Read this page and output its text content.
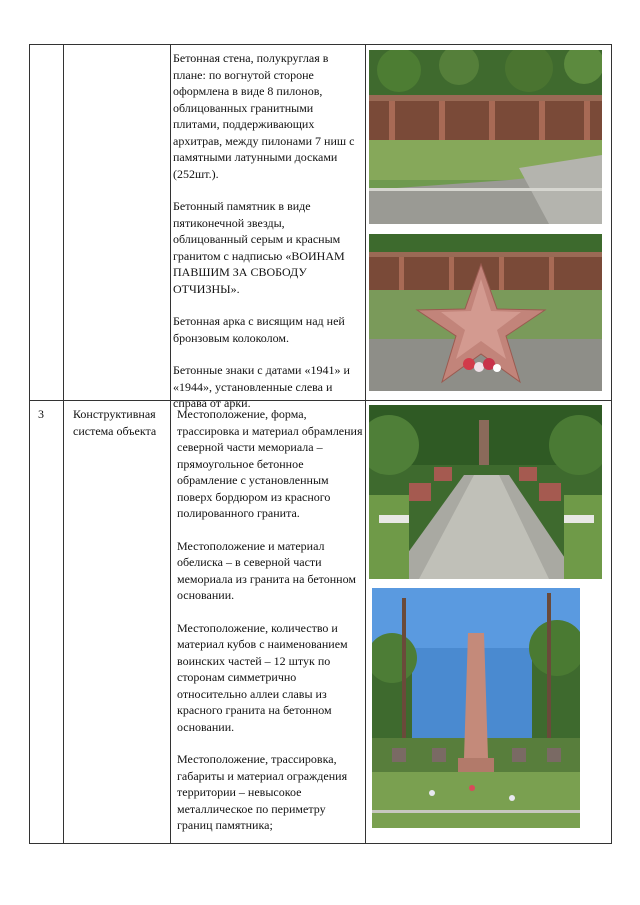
Бетонная стена, полукруглая в плане: по вогнутой стороне оформлена в виде 8 пилонов, облицованных гранитными плитами, поддерживающих архитрав, между пилонами 7 ниш с памятными латунными досками (252шт.).

Бетонный памятник в виде пятиконечной звезды, облицованный серым и красным гранитом с надписью «ВОИНАМ ПАВШИМ ЗА СВОБОДУ ОТЧИЗНЫ».

Бетонная арка с висящим над ней бронзовым колоколом.

Бетонные знаки с датами «1941» и «1944», установленные слева и справа от арки.

3	Конструктивная система объекта

Местоположение, форма, трассировка и материал обрамления северной части мемориала – прямоугольное бетонное обрамление с установленным поверх бордюром из красного полированного гранита.

Местоположение и материал обелиска – в северной части мемориала из гранита на бетонном основании.

Местоположение, количество и материал кубов с наименованием воинских частей – 12 штук по сторонам симметрично относительно аллеи славы из красного гранита на бетонном основании.

Местоположение, трассировка, габариты и материал ограждения территории – невысокое металлическое по периметру границ памятника;
